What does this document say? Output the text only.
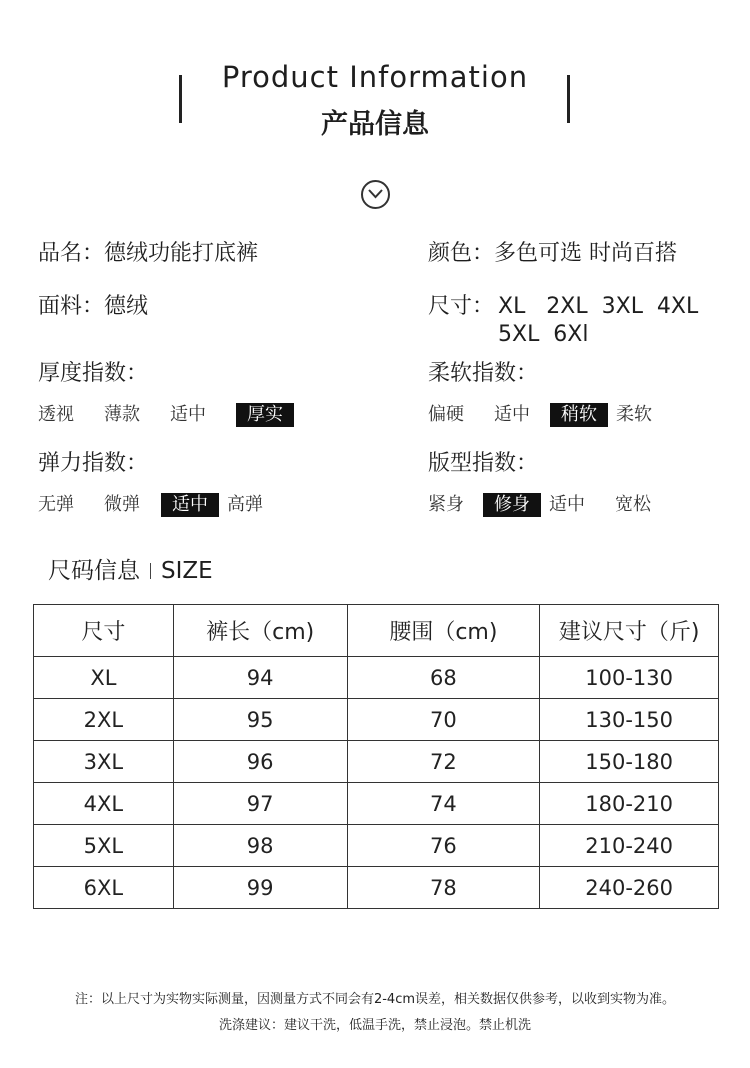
Product Information
产品信息
品名：德绒功能打底裤	颜色：多色可选 时尚百搭
面料：德绒	尺寸： XL   2XL  3XL  4XL
5XL  6Xl
厚度指数：
透视	薄款	适中	厚实
柔软指数：
偏硬	适中	稍软	柔软
弹力指数：
无弹	微弹	适中	高弹
版型指数：
紧身	修身	适中	宽松
尺码信息 SIZE
尺寸	裤长（cm)	腰围（cm)	建议尺寸（斤)
XL	94	68	100-130
2XL	95	70	130-150
3XL	96	72	150-180
4XL	97	74	180-210
5XL	98	76	210-240
6XL	99	78	240-260
注：以上尺寸为实物实际测量，因测量方式不同会有2-4cm误差，相关数据仅供参考，以收到实物为准。
洗涤建议：建议干洗，低温手洗，禁止浸泡。禁止机洗
